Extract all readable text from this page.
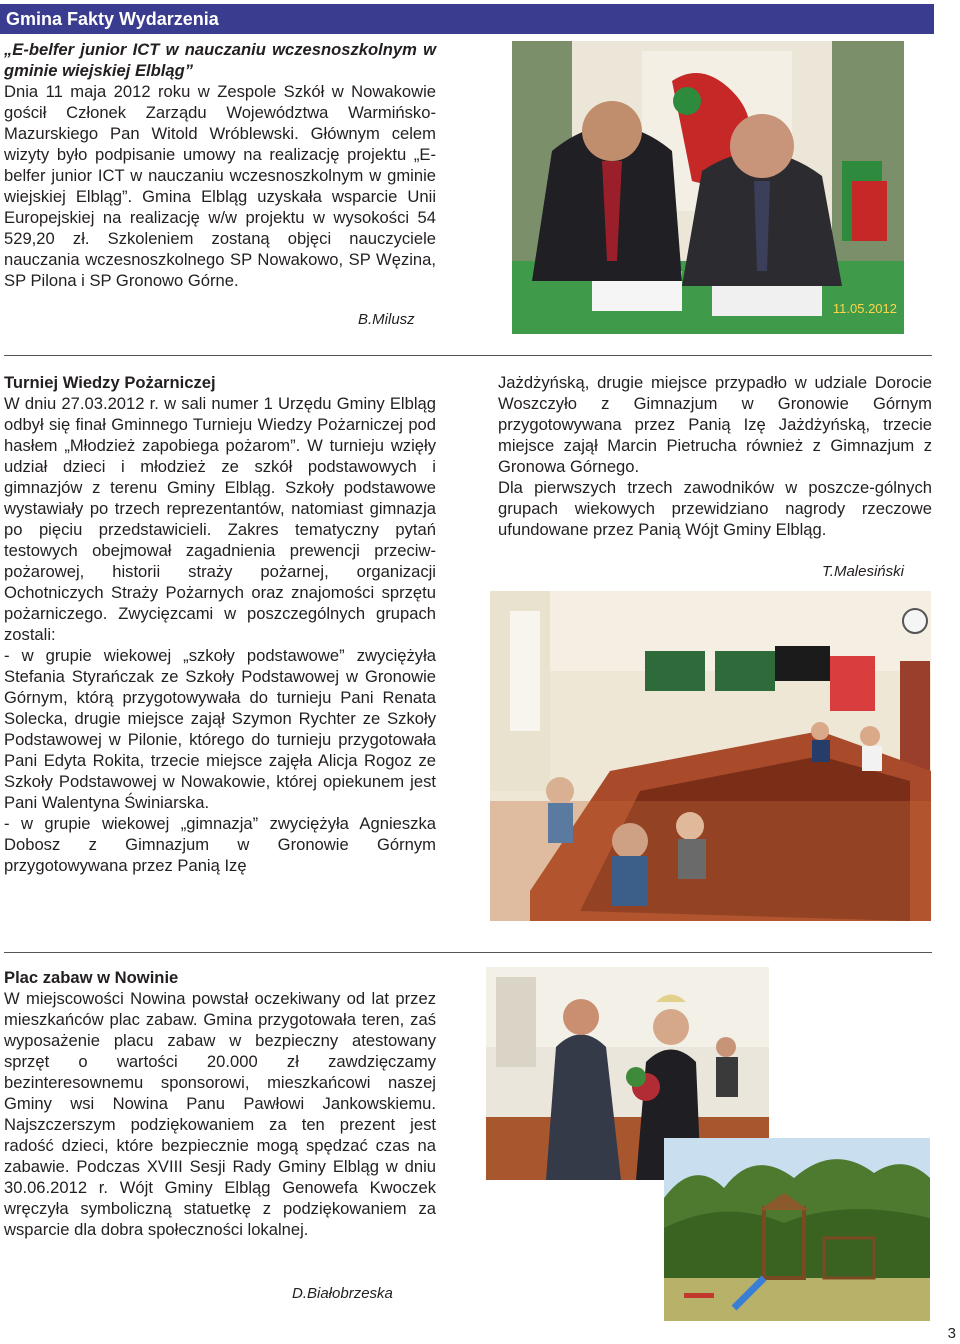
Gmina Fakty Wydarzenia

„E-belfer junior ICT w nauczaniu wczesnoszkolnym w gminie wiejskiej Elbląg”

Dnia 11 maja 2012 roku w Zespole Szkół w Nowakowie gościł Członek Zarządu Województwa Warmińsko- Mazurskiego Pan Witold Wróblewski. Głównym celem wizyty było podpisanie umowy na realizację projektu „E-belfer junior ICT w nauczaniu wczesnoszkolnym w gminie wiejskiej Elbląg”. Gmina Elbląg uzyskała wsparcie Unii Europejskiej na realizację w/w projektu w wysokości 54 529,20 zł. Szkoleniem zostaną objęci nauczyciele nauczania wczesnoszkolnego SP Nowakowo, SP Węzina, SP Pilona i SP Gronowo Górne.

B.Milusz
11.05.2012

Turniej Wiedzy Pożarniczej

W dniu 27.03.2012 r. w sali numer 1 Urzędu Gminy Elbląg odbył się finał Gminnego Turnieju Wiedzy Pożarniczej pod hasłem „Młodzież zapobiega pożarom”. W turnieju wzięły udział dzieci i młodzież ze szkół podstawowych i gimnazjów z terenu Gminy Elbląg. Szkoły podstawowe wystawiały po trzech reprezentantów, natomiast gimnazja po pięciu przedstawicieli. Zakres tematyczny pytań testowych obejmował zagadnienia prewencji przeciw-pożarowej, historii straży pożarnej, organizacji Ochotniczych Straży Pożarnych oraz znajomości sprzętu pożarniczego. Zwycięzcami w poszczególnych grupach zostali:

- w grupie wiekowej „szkoły podstawowe” zwyciężyła Stefania Styrańczak ze Szkoły Podstawowej w Gronowie Górnym, którą przygotowywała do turnieju Pani Renata Solecka, drugie miejsce zajął Szymon Rychter ze Szkoły Podstawowej w Pilonie, którego do turnieju przygotowała Pani Edyta Rokita, trzecie miejsce zajęła Alicja Rogoz ze Szkoły Podstawowej w Nowakowie, której opiekunem jest Pani Walentyna Świniarska.

- w grupie wiekowej „gimnazja” zwyciężyła Agnieszka Dobosz z Gimnazjum w Gronowie Górnym przygotowywana przez Panią Izę

Jażdżyńską, drugie miejsce przypadło w udziale Dorocie Woszczyło z Gimnazjum w Gronowie Górnym przygotowywana przez Panią Izę Jażdżyńską, trzecie miejsce zajął Marcin Pietrucha również z Gimnazjum z Gronowa Górnego.

Dla pierwszych trzech zawodników w poszcze-gólnych grupach wiekowych przewidziano nagrody rzeczowe ufundowane przez Panią Wójt Gminy Elbląg.

T.Malesiński

Plac zabaw w Nowinie

W miejscowości Nowina powstał oczekiwany od lat przez mieszkańców plac zabaw. Gmina przygotowała teren, zaś wyposażenie placu zabaw w bezpieczny atestowany sprzęt o wartości 20.000 zł zawdzięczamy bezinteresownemu sponsorowi, mieszkańcowi naszej Gminy wsi Nowina Panu Pawłowi Jankowskiemu. Najszczerszym podziękowaniem za ten prezent jest radość dzieci, które bezpiecznie mogą spędzać czas na zabawie. Podczas XVIII Sesji Rady Gminy Elbląg w dniu 30.06.2012 r. Wójt Gminy Elbląg Genowefa Kwoczek wręczyła symboliczną statuetkę z podziękowaniem za wsparcie dla dobra społeczności lokalnej.

D.Białobrzeska
3
